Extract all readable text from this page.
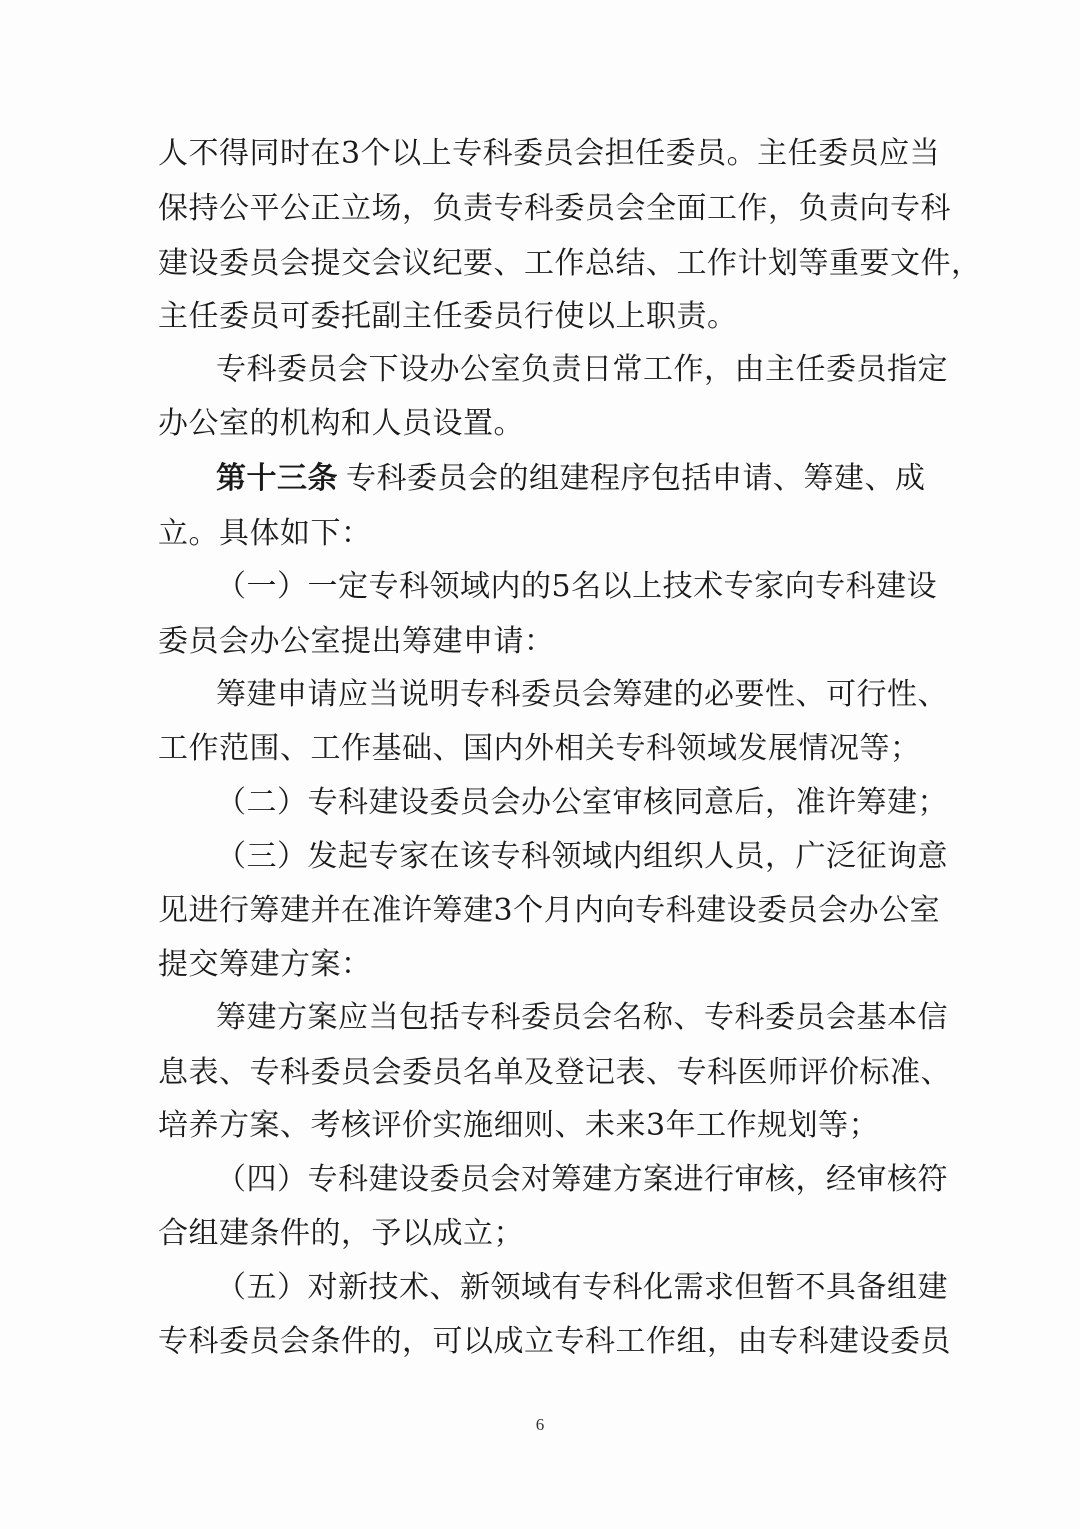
人不得同时在3个以上专科委员会担任委员。主任委员应当
保持公平公正立场，负责专科委员会全面工作，负责向专科
建设委员会提交会议纪要、工作总结、工作计划等重要文件，
主任委员可委托副主任委员行使以上职责。
专科委员会下设办公室负责日常工作，由主任委员指定
办公室的机构和人员设置。
第十三条 专科委员会的组建程序包括申请、筹建、成
立。具体如下：
（一）一定专科领域内的5名以上技术专家向专科建设
委员会办公室提出筹建申请：
筹建申请应当说明专科委员会筹建的必要性、可行性、
工作范围、工作基础、国内外相关专科领域发展情况等；
（二）专科建设委员会办公室审核同意后，准许筹建；
（三）发起专家在该专科领域内组织人员，广泛征询意
见进行筹建并在准许筹建3个月内向专科建设委员会办公室
提交筹建方案：
筹建方案应当包括专科委员会名称、专科委员会基本信
息表、专科委员会委员名单及登记表、专科医师评价标准、
培养方案、考核评价实施细则、未来3年工作规划等；
（四）专科建设委员会对筹建方案进行审核，经审核符
合组建条件的，予以成立；
（五）对新技术、新领域有专科化需求但暂不具备组建
专科委员会条件的，可以成立专科工作组，由专科建设委员
6
